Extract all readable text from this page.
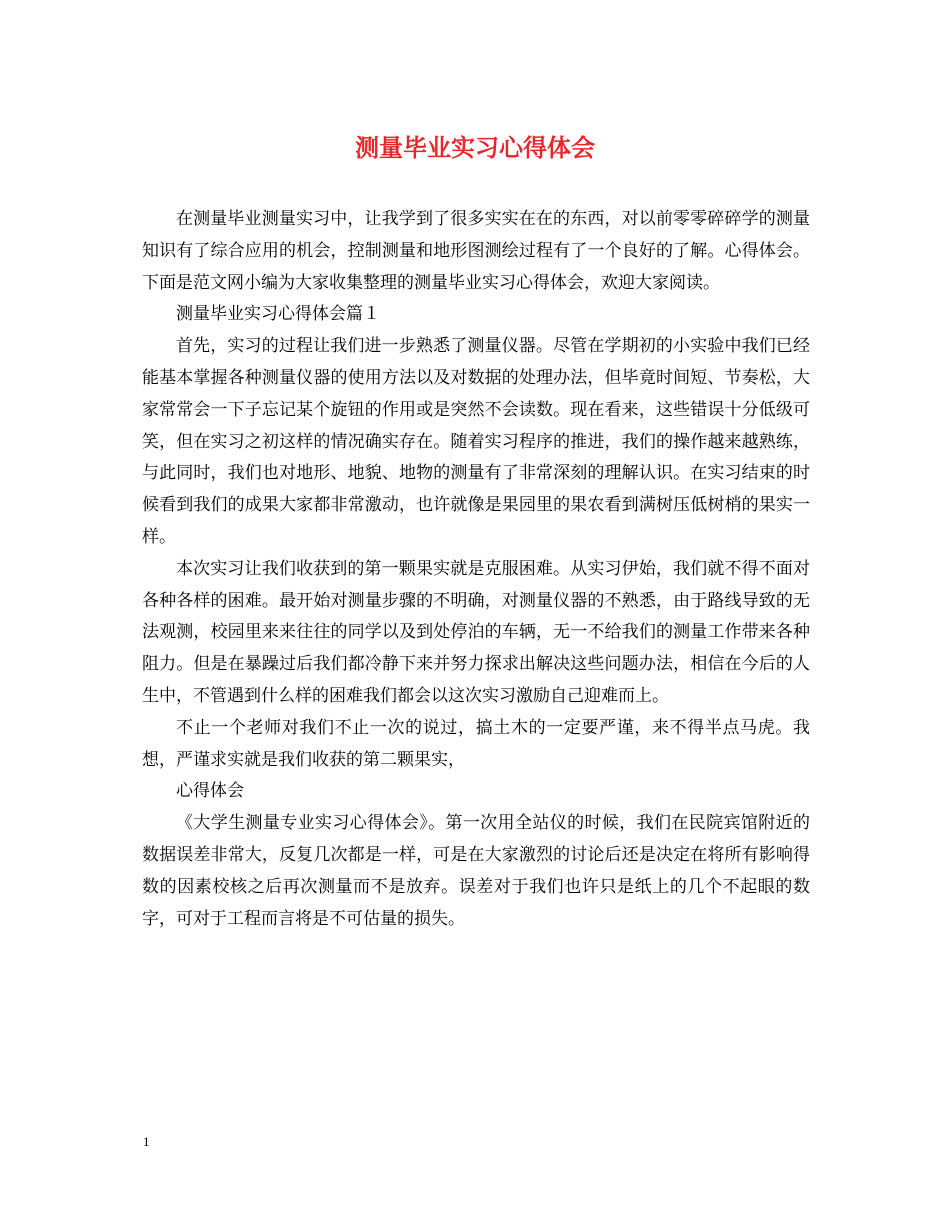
测量毕业实习心得体会

在测量毕业测量实习中，让我学到了很多实实在在的东西，对以前零零碎碎学的测量知识有了综合应用的机会，控制测量和地形图测绘过程有了一个良好的了解。心得体会。下面是范文网小编为大家收集整理的测量毕业实习心得体会，欢迎大家阅读。

测量毕业实习心得体会篇１

首先，实习的过程让我们进一步熟悉了测量仪器。尽管在学期初的小实验中我们已经能基本掌握各种测量仪器的使用方法以及对数据的处理办法，但毕竟时间短、节奏松，大家常常会一下子忘记某个旋钮的作用或是突然不会读数。现在看来，这些错误十分低级可笑，但在实习之初这样的情况确实存在。随着实习程序的推进，我们的操作越来越熟练，与此同时，我们也对地形、地貌、地物的测量有了非常深刻的理解认识。在实习结束的时候看到我们的成果大家都非常激动，也许就像是果园里的果农看到满树压低树梢的果实一样。

本次实习让我们收获到的第一颗果实就是克服困难。从实习伊始，我们就不得不面对各种各样的困难。最开始对测量步骤的不明确，对测量仪器的不熟悉，由于路线导致的无法观测，校园里来来往往的同学以及到处停泊的车辆，无一不给我们的测量工作带来各种阻力。但是在暴躁过后我们都冷静下来并努力探求出解决这些问题办法，相信在今后的人生中，不管遇到什么样的困难我们都会以这次实习激励自己迎难而上。

不止一个老师对我们不止一次的说过，搞土木的一定要严谨，来不得半点马虎。我想，严谨求实就是我们收获的第二颗果实，

心得体会

《大学生测量专业实习心得体会》。第一次用全站仪的时候，我们在民院宾馆附近的数据误差非常大，反复几次都是一样，可是在大家激烈的讨论后还是决定在将所有影响得数的因素校核之后再次测量而不是放弃。误差对于我们也许只是纸上的几个不起眼的数字，可对于工程而言将是不可估量的损失。

1
